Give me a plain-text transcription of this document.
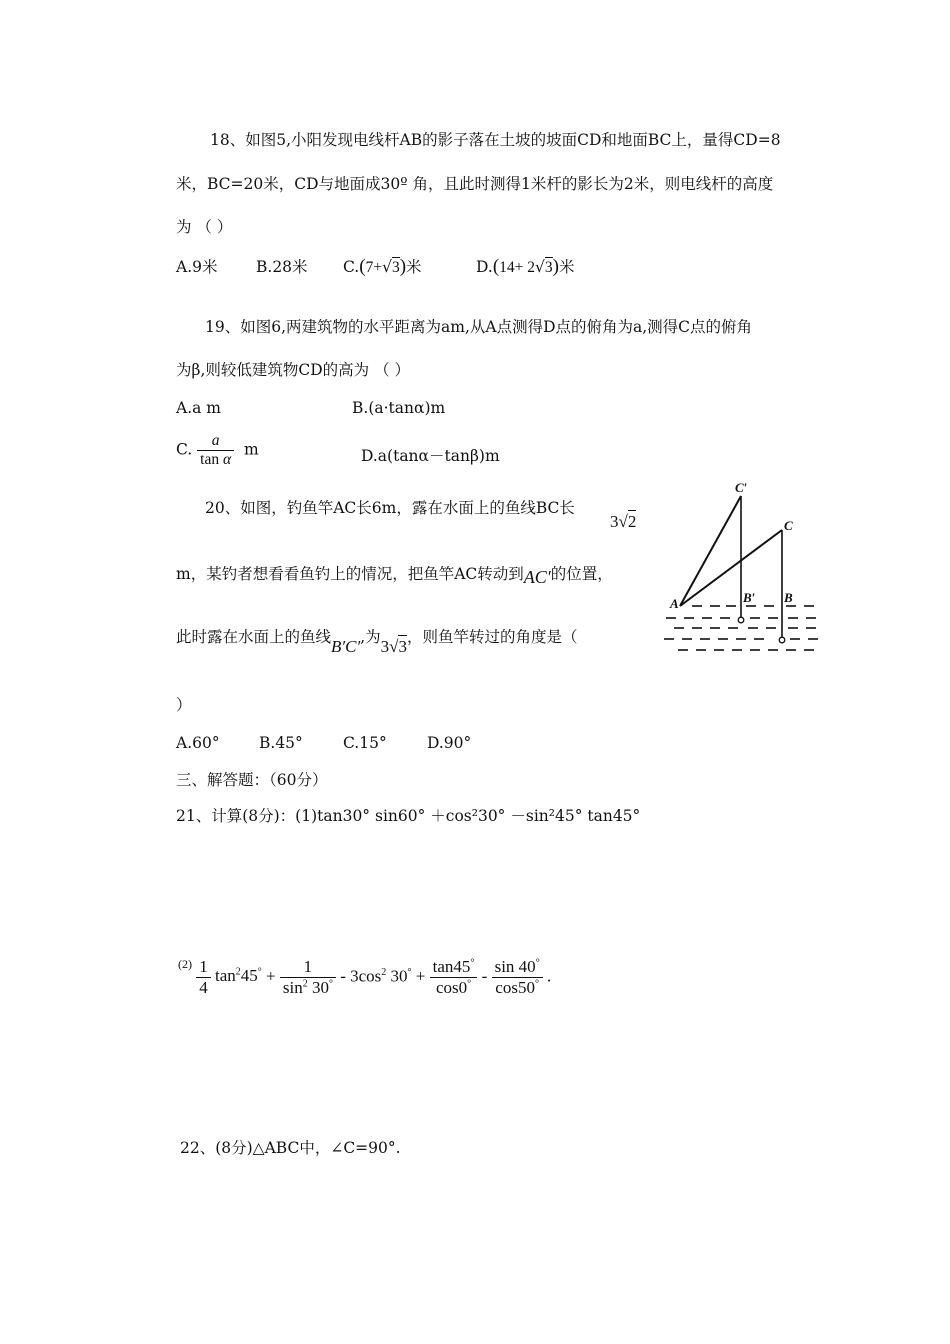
18、如图5,小阳发现电线杆AB的影子落在土坡的坡面CD和地面BC上，量得CD=8
米，BC=20米，CD与地面成30º 角，且此时测得1米杆的影长为2米，则电线杆的高度
为 （ ）
A.9米 B.28米 C.(7+√3)米	D.(14+ 2√3)米
19、如图6,两建筑物的水平距离为am,从A点测得D点的俯角为a,测得C点的俯角
为β,则较低建筑物CD的高为 （ ）
A.a m	B.(a·tanα)m
C. $\frac{a}{\text{tan α}}$ m	D.a(tanα－tanβ)m
20、如图，钓鱼竿AC长6m，露在水面上的鱼线BC长
3√2
m，某钓者想看看鱼钓上的情况，把鱼竿AC转动到AC′的位置，
此时露在水面上的鱼线B′C′,为3√3，则鱼竿转过的角度是（
）
A.60°	B.45°	C.15°	D.90°
C′
C
A	B′ B
三、解答题：（60分）
21、计算(8分)：(1)tan30° sin60° ＋cos²30° －sin²45° tan45°
$^{(2)} \frac{1}{4} \tan^245^\circ + \frac{1}{\sin^2 30^\circ} - 3\cos^2$ $30^\circ + \frac{\tan 45^\circ}{\cos 0^\circ} - \frac{\sin 40^\circ}{\cos 50^\circ}$ .
22、(8分)△ABC中，∠C=90°.
